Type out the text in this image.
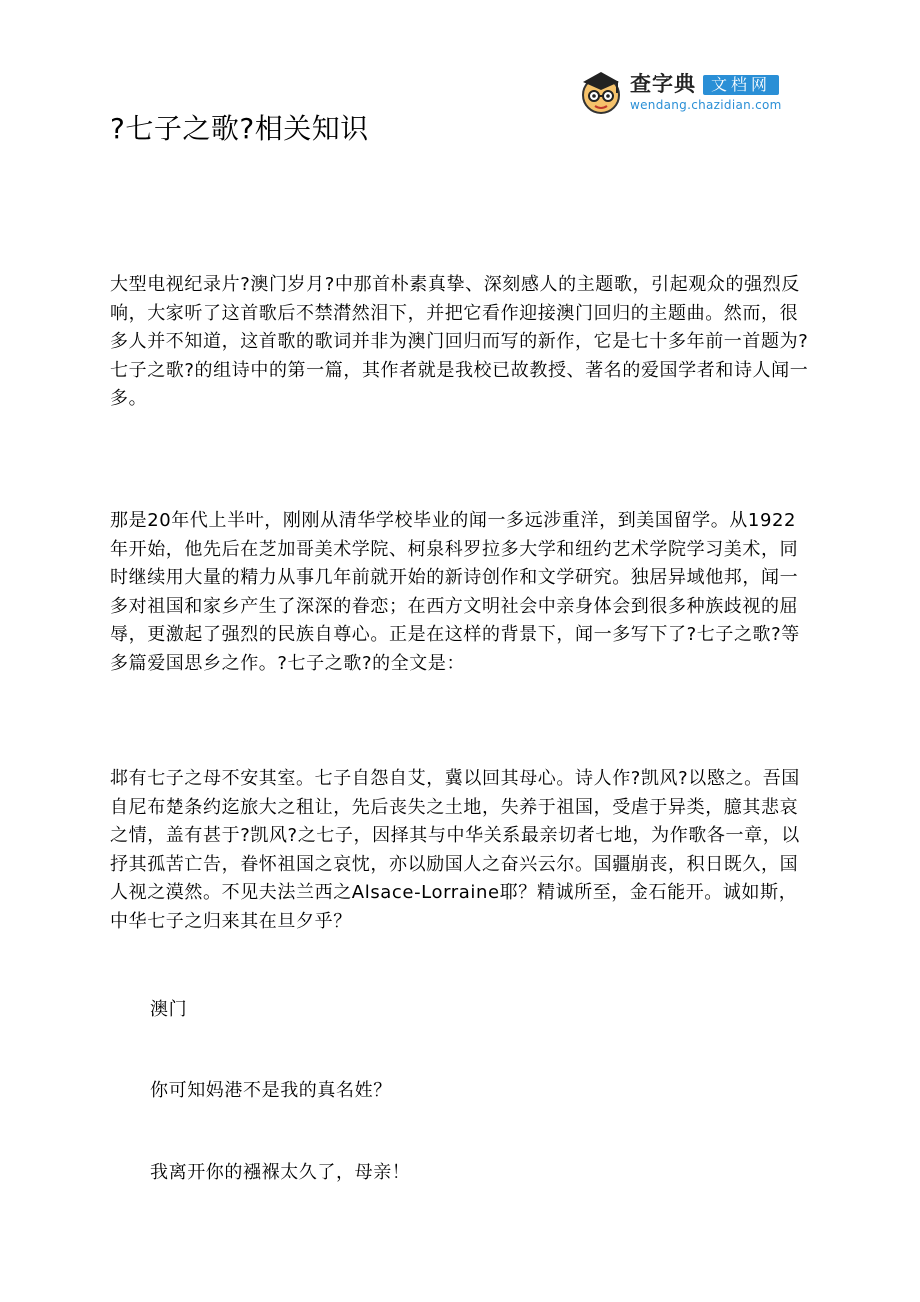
查字典 文档网
wendang.chazidian.com
?七子之歌?相关知识

大型电视纪录片?澳门岁月?中那首朴素真挚、深刻感人的主题歌，引起观众的强烈反响，大家听了这首歌后不禁潸然泪下，并把它看作迎接澳门回归的主题曲。然而，很多人并不知道，这首歌的歌词并非为澳门回归而写的新作，它是七十多年前一首题为?七子之歌?的组诗中的第一篇，其作者就是我校已故教授、著名的爱国学者和诗人闻一多。

那是20年代上半叶，刚刚从清华学校毕业的闻一多远涉重洋，到美国留学。从1922年开始，他先后在芝加哥美术学院、柯泉科罗拉多大学和纽约艺术学院学习美术，同时继续用大量的精力从事几年前就开始的新诗创作和文学研究。独居异域他邦，闻一多对祖国和家乡产生了深深的眷恋；在西方文明社会中亲身体会到很多种族歧视的屈辱，更激起了强烈的民族自尊心。正是在这样的背景下，闻一多写下了?七子之歌?等多篇爱国思乡之作。?七子之歌?的全文是：

邶有七子之母不安其室。七子自怨自艾，冀以回其母心。诗人作?凯风?以愍之。吾国自尼布楚条约迄旅大之租让，先后丧失之土地，失养于祖国，受虐于异类，臆其悲哀之情，盖有甚于?凯风?之七子，因择其与中华关系最亲切者七地，为作歌各一章，以抒其孤苦亡告，眷怀祖国之哀忱，亦以励国人之奋兴云尔。国疆崩丧，积日既久，国人视之漠然。不见夫法兰西之Alsace-Lorraine耶？精诚所至，金石能开。诚如斯，中华七子之归来其在旦夕乎？

澳门

你可知妈港不是我的真名姓？

我离开你的襁褓太久了，母亲！
